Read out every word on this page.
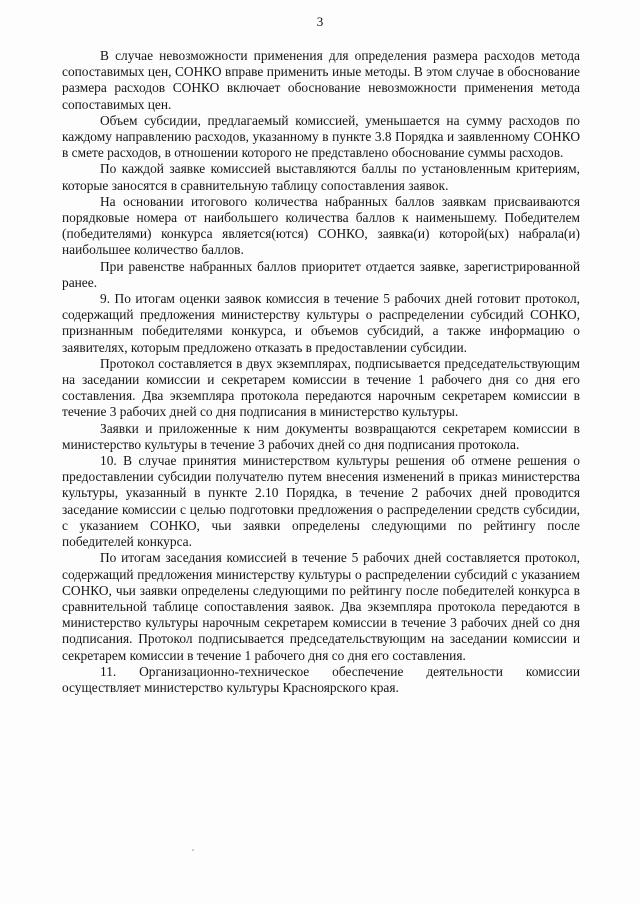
3

В случае невозможности применения для определения размера расходов метода сопоставимых цен, СОНКО вправе применить иные методы. В этом случае в обоснование размера расходов СОНКО включает обоснование невозможности применения метода сопоставимых цен.

Объем субсидии, предлагаемый комиссией, уменьшается на сумму расходов по каждому направлению расходов, указанному в пункте 3.8 Порядка и заявленному СОНКО в смете расходов, в отношении которого не представлено обоснование суммы расходов.

По каждой заявке комиссией выставляются баллы по установленным критериям, которые заносятся в сравнительную таблицу сопоставления заявок.

На основании итогового количества набранных баллов заявкам присваиваются порядковые номера от наибольшего количества баллов к наименьшему. Победителем (победителями) конкурса является(ются) СОНКО, заявка(и) которой(ых) набрала(и) наибольшее количество баллов.

При равенстве набранных баллов приоритет отдается заявке, зарегистрированной ранее.

9. По итогам оценки заявок комиссия в течение 5 рабочих дней готовит протокол, содержащий предложения министерству культуры о распределении субсидий СОНКО, признанным победителями конкурса, и объемов субсидий, а также информацию о заявителях, которым предложено отказать в предоставлении субсидии.

Протокол составляется в двух экземплярах, подписывается председательствующим на заседании комиссии и секретарем комиссии в течение 1 рабочего дня со дня его составления. Два экземпляра протокола передаются нарочным секретарем комиссии в течение 3 рабочих дней со дня подписания в министерство культуры.

Заявки и приложенные к ним документы возвращаются секретарем комиссии в министерство культуры в течение 3 рабочих дней со дня подписания протокола.

10. В случае принятия министерством культуры решения об отмене решения о предоставлении субсидии получателю путем внесения изменений в приказ министерства культуры, указанный в пункте 2.10 Порядка, в течение 2 рабочих дней проводится заседание комиссии с целью подготовки предложения о распределении средств субсидии, с указанием СОНКО, чьи заявки определены следующими по рейтингу после победителей конкурса.

По итогам заседания комиссией в течение 5 рабочих дней составляется протокол, содержащий предложения министерству культуры о распределении субсидий с указанием СОНКО, чьи заявки определены следующими по рейтингу после победителей конкурса в сравнительной таблице сопоставления заявок. Два экземпляра протокола передаются в министерство культуры нарочным секретарем комиссии в течение 3 рабочих дней со дня подписания. Протокол подписывается председательствующим на заседании комиссии и секретарем комиссии в течение 1 рабочего дня со дня его составления.

11. Организационно-техническое обеспечение деятельности комиссии осуществляет министерство культуры Красноярского края.
